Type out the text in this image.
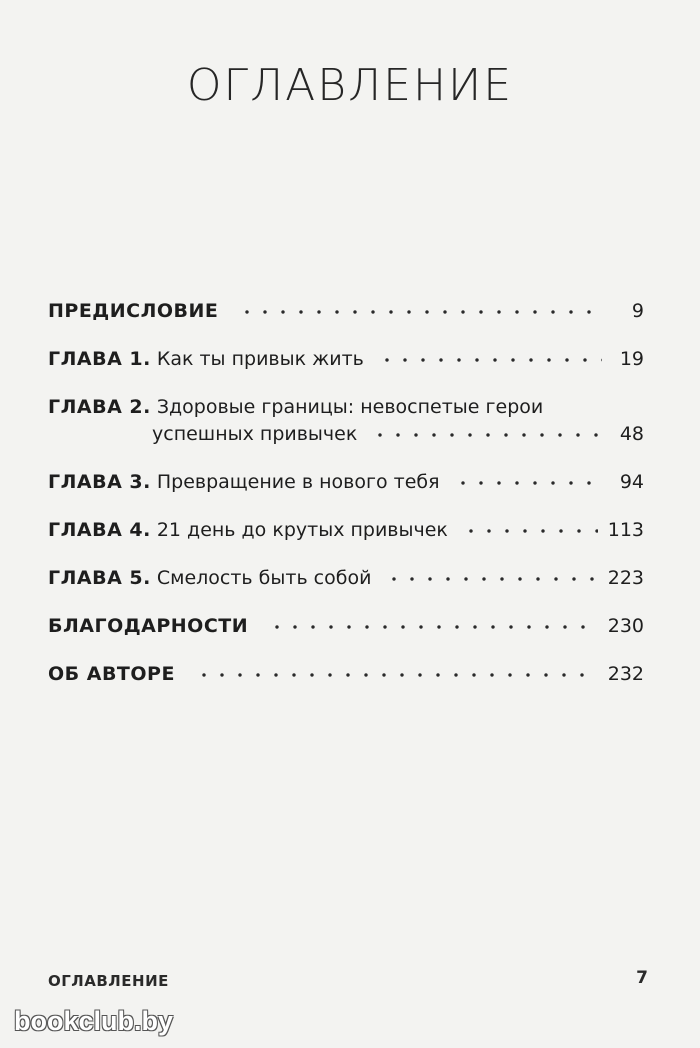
ОГЛАВЛЕНИЕ
ПРЕДИСЛОВИЕ	9
ГЛАВА 1. Как ты привык жить	19
ГЛАВА 2. Здоровые границы: невоспетые герои
успешных привычек	48
ГЛАВА 3. Превращение в нового тебя	94
ГЛАВА 4. 21 день до крутых привычек	113
ГЛАВА 5. Смелость быть собой	223
БЛАГОДАРНОСТИ	230
ОБ АВТОРЕ	232
ОГЛАВЛЕНИЕ	7
bookclub.by
